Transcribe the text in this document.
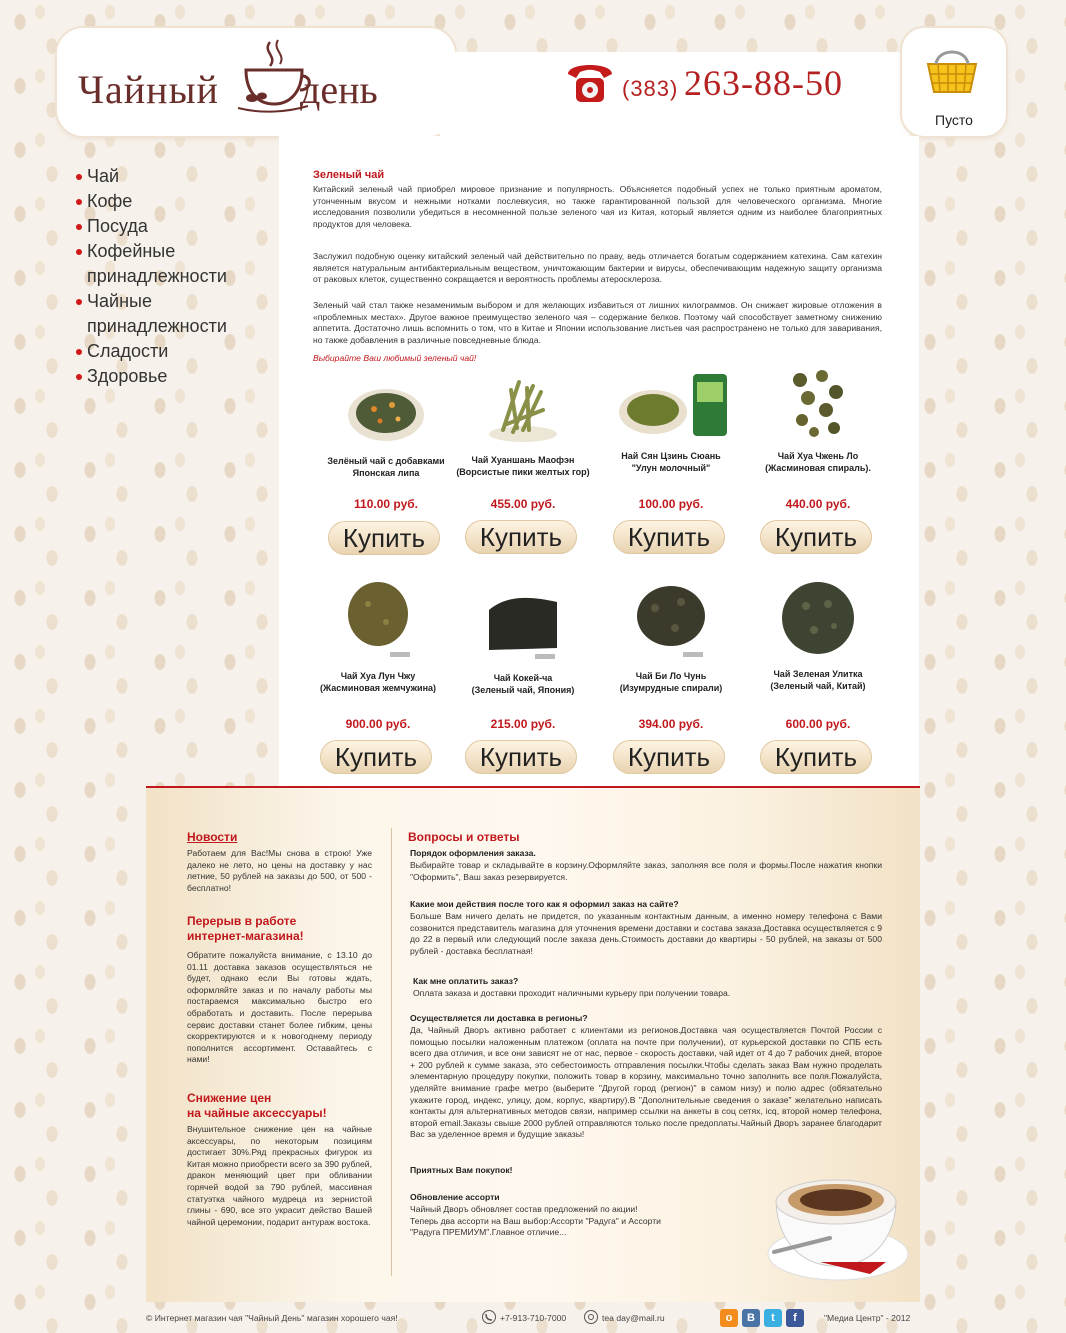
Чайный день	(383) 263-88-50
Пусто
Чай
Кофе
Посуда
Кофейные принадлежности
Чайные принадлежности
Сладости
Здоровье
Зеленый чай

Китайский зеленый чай приобрел мировое признание и популярность. Объясняется подобный успех не только приятным ароматом, утонченным вкусом и нежными нотками послевкусия, но также гарантированной пользой для человеческого организма. Многие исследования позволили убедиться в несомненной пользе зеленого чая из Китая, который является одним из наиболее благоприятных продуктов для человека.

Заслужил подобную оценку китайский зеленый чай действительно по праву, ведь отличается богатым содержанием катехина. Сам катехин является натуральным антибактериальным веществом, уничтожающим бактерии и вирусы, обеспечивающим надежную защиту организма от раковых клеток, существенно сокращается и вероятность проблемы атеросклероза.

Зеленый чай стал также незаменимым выбором и для желающих избавиться от лишних килограммов. Он снижает жировые отложения в «проблемных местах». Другое важное преимущество зеленого чая – содержание белков. Поэтому чай способствует заметному снижению аппетита. Достаточно лишь вспомнить о том, что в Китае и Японии использование листьев чая распространено не только для заваривания, но также добавления в различные повседневные блюда.

Выбирайте Ваш любимый зеленый чай!
Зелёный чай с добавками
Японская липа
110.00 руб.
Купить
Чай Хуаншань Маофэн
(Ворсистые пики желтых гор)
455.00 руб.
Купить
Най Сян Цзинь Сюань
"Улун молочный"
100.00 руб.
Купить
Чай Хуа Чжень Ло
(Жасминовая спираль).
440.00 руб.
Купить
Чай Хуа Лун Чжу
(Жасминовая жемчужина)
900.00 руб.
Купить
Чай Кокей-ча
(Зеленый чай, Япония)
215.00 руб.
Купить
Чай Би Ло Чунь
(Изумрудные спирали)
394.00 руб.
Купить
Чай Зеленая Улитка
(Зеленый чай, Китай)
600.00 руб.
Купить
Новости

Работаем для Вас!Мы снова в строю! Уже далеко не лето, но цены на доставку у нас летние, 50 рублей на заказы до 500, от 500 - бесплатно!

Перерыв в работе
интернет-магазина!

Обратите пожалуйста внимание, с 13.10 до 01.11 доставка заказов осуществляться не будет, однако если Вы готовы ждать, оформляйте заказ и по началу работы мы постараемся максимально быстро его обработать и доставить. После перерыва сервис доставки станет более гибким, цены скорректируются и к новогоднему периоду пополнится ассортимент. Оставайтесь с нами!

Снижение цен
на чайные аксессуары!

Внушительное снижение цен на чайные аксессуары, по некоторым позициям достигает 30%.Ряд прекрасных фигурок из Китая можно приобрести всего за 390 рублей, дракон меняющий цвет при обливании горячей водой за 790 рублей, массивная статуэтка чайного мудреца из зернистой глины - 690, все это украсит действо Вашей чайной церемонии, подарит антураж востока.

Вопросы и ответы
Порядок оформления заказа.

Выбирайте товар и складывайте в корзину.Оформляйте заказ, заполняя все поля и формы.После нажатия кнопки "Оформить", Ваш заказ резервируется.

Какие мои действия после того как я оформил заказ на сайте?

Больше Вам ничего делать не придется, по указанным контактным данным, а именно номеру телефона с Вами созвонится представитель магазина для уточнения времени доставки и состава заказа.Доставка осуществляется с 9 до 22 в первый или следующий после заказа день.Стоимость доставки до квартиры - 50 рублей, на заказы от 500 рублей - доставка бесплатная!

Как мне оплатить заказ?

Оплата заказа и доставки проходит наличными курьеру при получении товара.

Осуществляется ли доставка в регионы?

Да, Чайный Дворъ активно работает с клиентами из регионов.Доставка чая осуществляется Почтой России с помощью посылки наложенным платежом (оплата на почте при получении), от курьерской доставки по СПБ есть всего два отличия, и все они зависят не от нас, первое - скорость доставки, чай идет от 4 до 7 рабочих дней, второе + 200 рублей к сумме заказа, это себестоимость отправления посылки.Чтобы сделать заказ Вам нужно проделать элементарную процедуру покупки, положить товар в корзину, максимально точно заполнить все поля.Пожалуйста, уделяйте внимание графе метро (выберите "Другой город (регион)" в самом низу) и полю адрес (обязательно укажите город, индекс, улицу, дом, корпус, квартиру).В "Дополнительные сведения о заказе" желательно написать контакты для альтернативных методов связи, например ссылки на анкеты в соц сетях, icq, второй номер телефона, второй email.Заказы свыше 2000 рублей отправляются только после предоплаты.Чайный Дворъ заранее благодарит Вас за уделенное время и будущие заказы!

Приятных Вам покупок!
Обновление ассорти

Чайный Дворъ обновляет состав предложений по акции!
Теперь два ассорти на Ваш выбор:Ассорти "Радуга" и Ассорти
"Радуга ПРЕМИУМ".Главное отличие...

© Интернет магазин чая "Чайный День" магазин хорошего чая!	+7-913-710-7000	tea day@mail.ru	o	B	t	f	"Медиа Центр" - 2012
